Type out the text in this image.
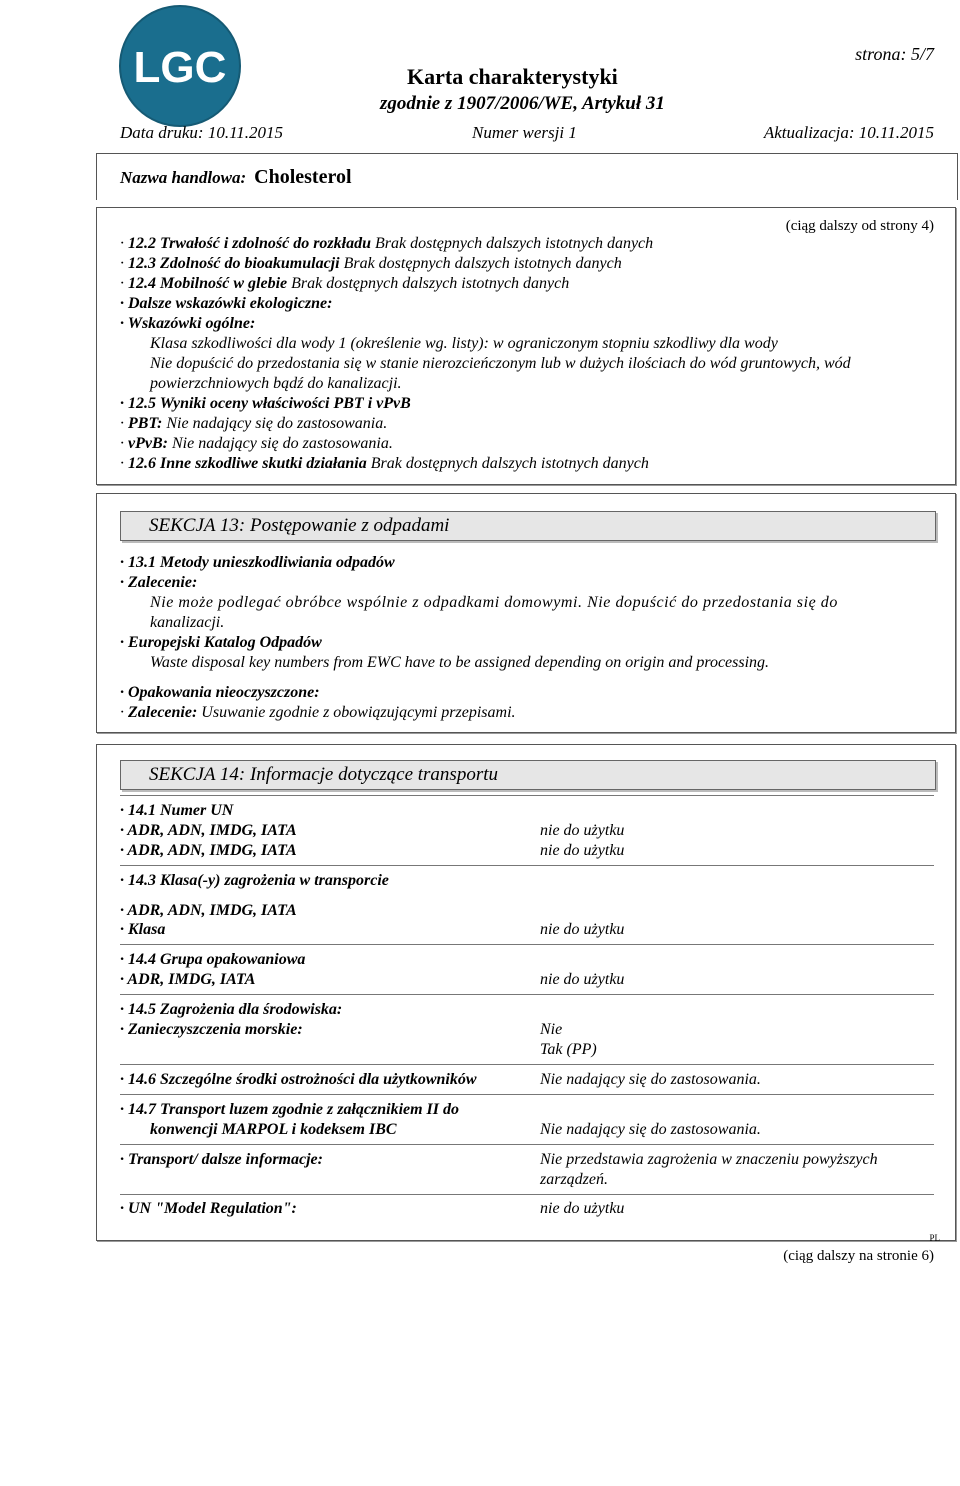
LGC	strona: 5/7
Karta charakterystyki
zgodnie z 1907/2006/WE, Artykuł 31
Data druku: 10.11.2015	Numer wersji 1	Aktualizacja: 10.11.2015
Nazwa handlowa: Cholesterol
(ciąg dalszy od strony 4)
· 12.2 Trwałość i zdolność do rozkładu Brak dostępnych dalszych istotnych danych
· 12.3 Zdolność do bioakumulacji Brak dostępnych dalszych istotnych danych
· 12.4 Mobilność w glebie Brak dostępnych dalszych istotnych danych
· Dalsze wskazówki ekologiczne:
· Wskazówki ogólne:
Klasa szkodliwości dla wody 1 (określenie wg. listy): w ograniczonym stopniu szkodliwy dla wody
Nie dopuścić do przedostania się w stanie nierozcieńczonym lub w dużych ilościach do wód gruntowych, wód
powierzchniowych bądź do kanalizacji.
· 12.5 Wyniki oceny właściwości PBT i vPvB
· PBT: Nie nadający się do zastosowania.
· vPvB: Nie nadający się do zastosowania.
· 12.6 Inne szkodliwe skutki działania Brak dostępnych dalszych istotnych danych
SEKCJA 13: Postępowanie z odpadami
· 13.1 Metody unieszkodliwiania odpadów
· Zalecenie:
Nie może podlegać obróbce wspólnie z odpadkami domowymi. Nie dopuścić do przedostania się do
kanalizacji.
· Europejski Katalog Odpadów
Waste disposal key numbers from EWC have to be assigned depending on origin and processing.
· Opakowania nieoczyszczone:
· Zalecenie: Usuwanie zgodnie z obowiązującymi przepisami.
SEKCJA 14: Informacje dotyczące transportu
· 14.1 Numer UN
· ADR, ADN, IMDG, IATA	nie do użytku
· ADR, ADN, IMDG, IATA	nie do użytku
· 14.3 Klasa(-y) zagrożenia w transporcie
· ADR, ADN, IMDG, IATA
· Klasa	nie do użytku
· 14.4 Grupa opakowaniowa
· ADR, IMDG, IATA	nie do użytku
· 14.5 Zagrożenia dla środowiska:
· Zanieczyszczenia morskie:	Nie
Tak (PP)
· 14.6 Szczególne środki ostrożności dla użytkowników	Nie nadający się do zastosowania.
· 14.7 Transport luzem zgodnie z załącznikiem II do
konwencji MARPOL i kodeksem IBC	Nie nadający się do zastosowania.
· Transport/ dalsze informacje:	Nie przedstawia zagrożenia w znaczeniu powyższych
zarządzeń.
· UN "Model Regulation":	nie do użytku
PL
(ciąg dalszy na stronie 6)
